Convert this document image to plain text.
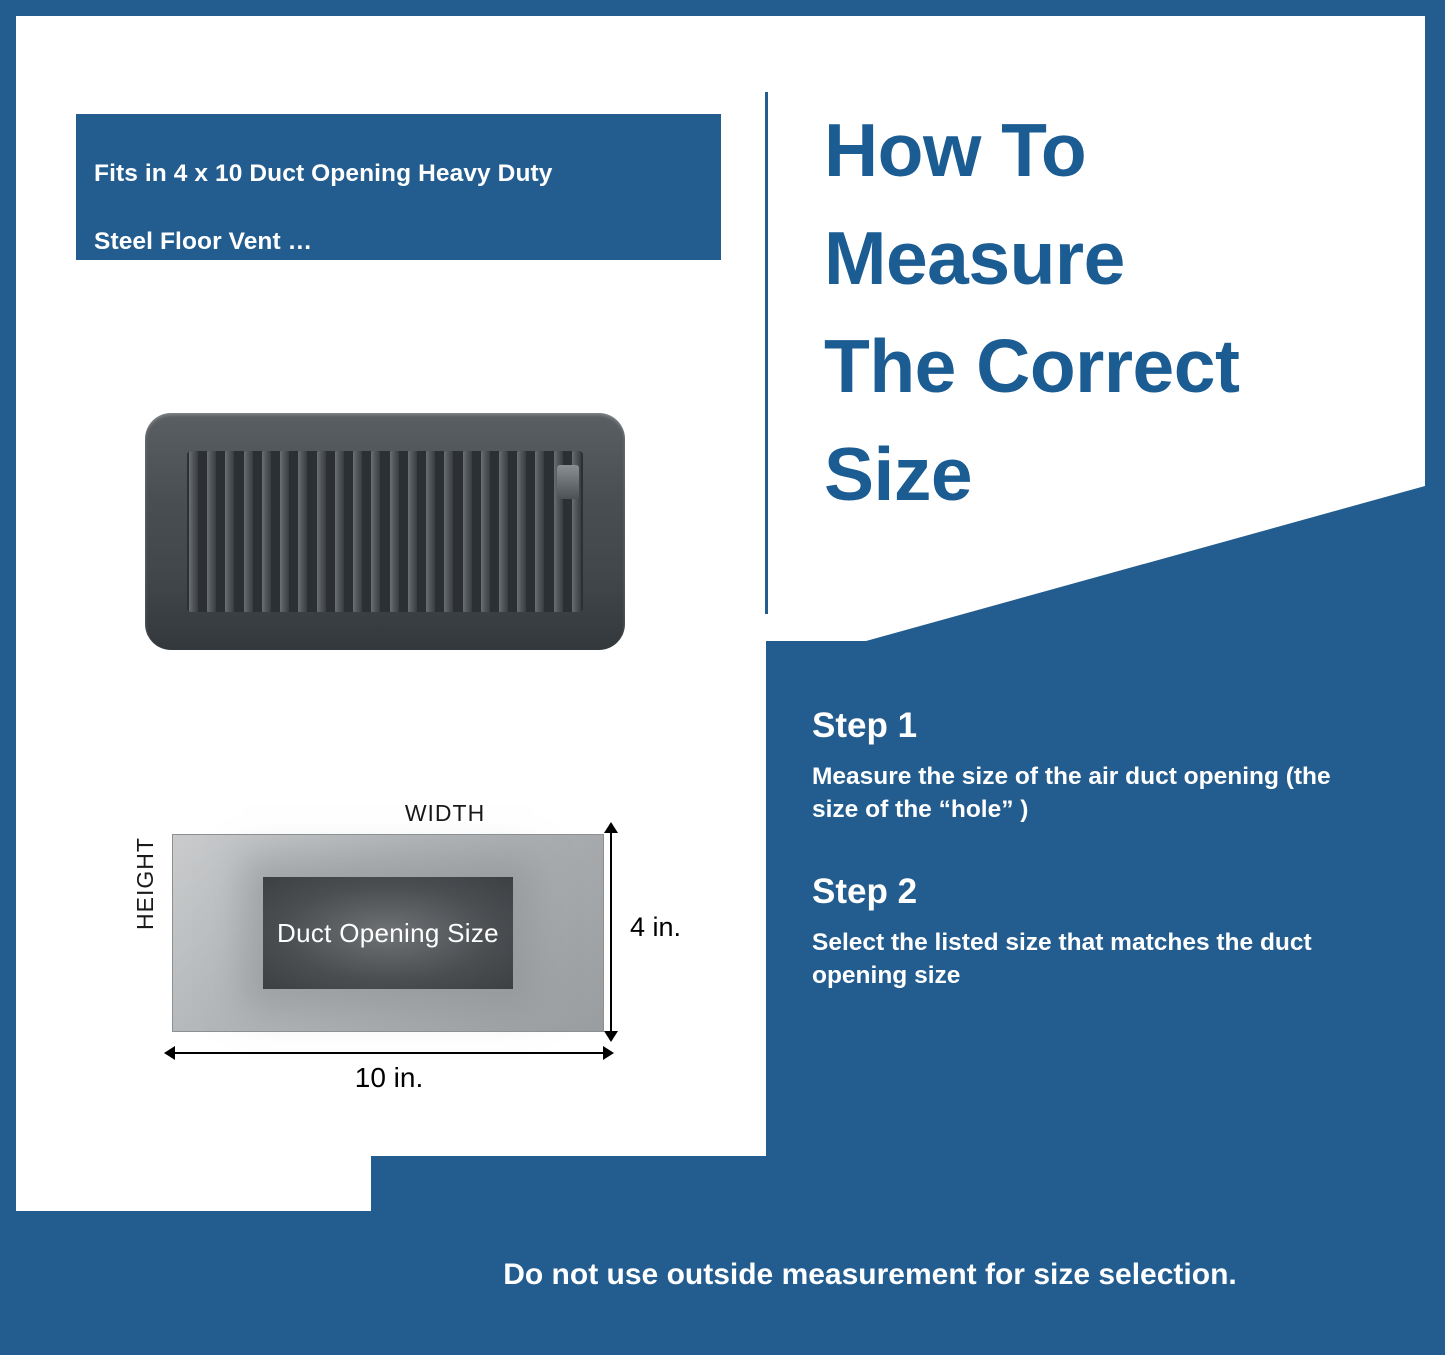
Fits in 4 x 10 Duct Opening Heavy Duty
Steel Floor Vent …
How To
Measure
The Correct
Size
WIDTH
HEIGHT
Duct Opening Size	4 in.
10 in.

Step 1

Measure the size of the air duct opening (the size of the “hole” )

Step 2

Select the listed size that matches the duct opening size

Do not use outside measurement for size selection.
